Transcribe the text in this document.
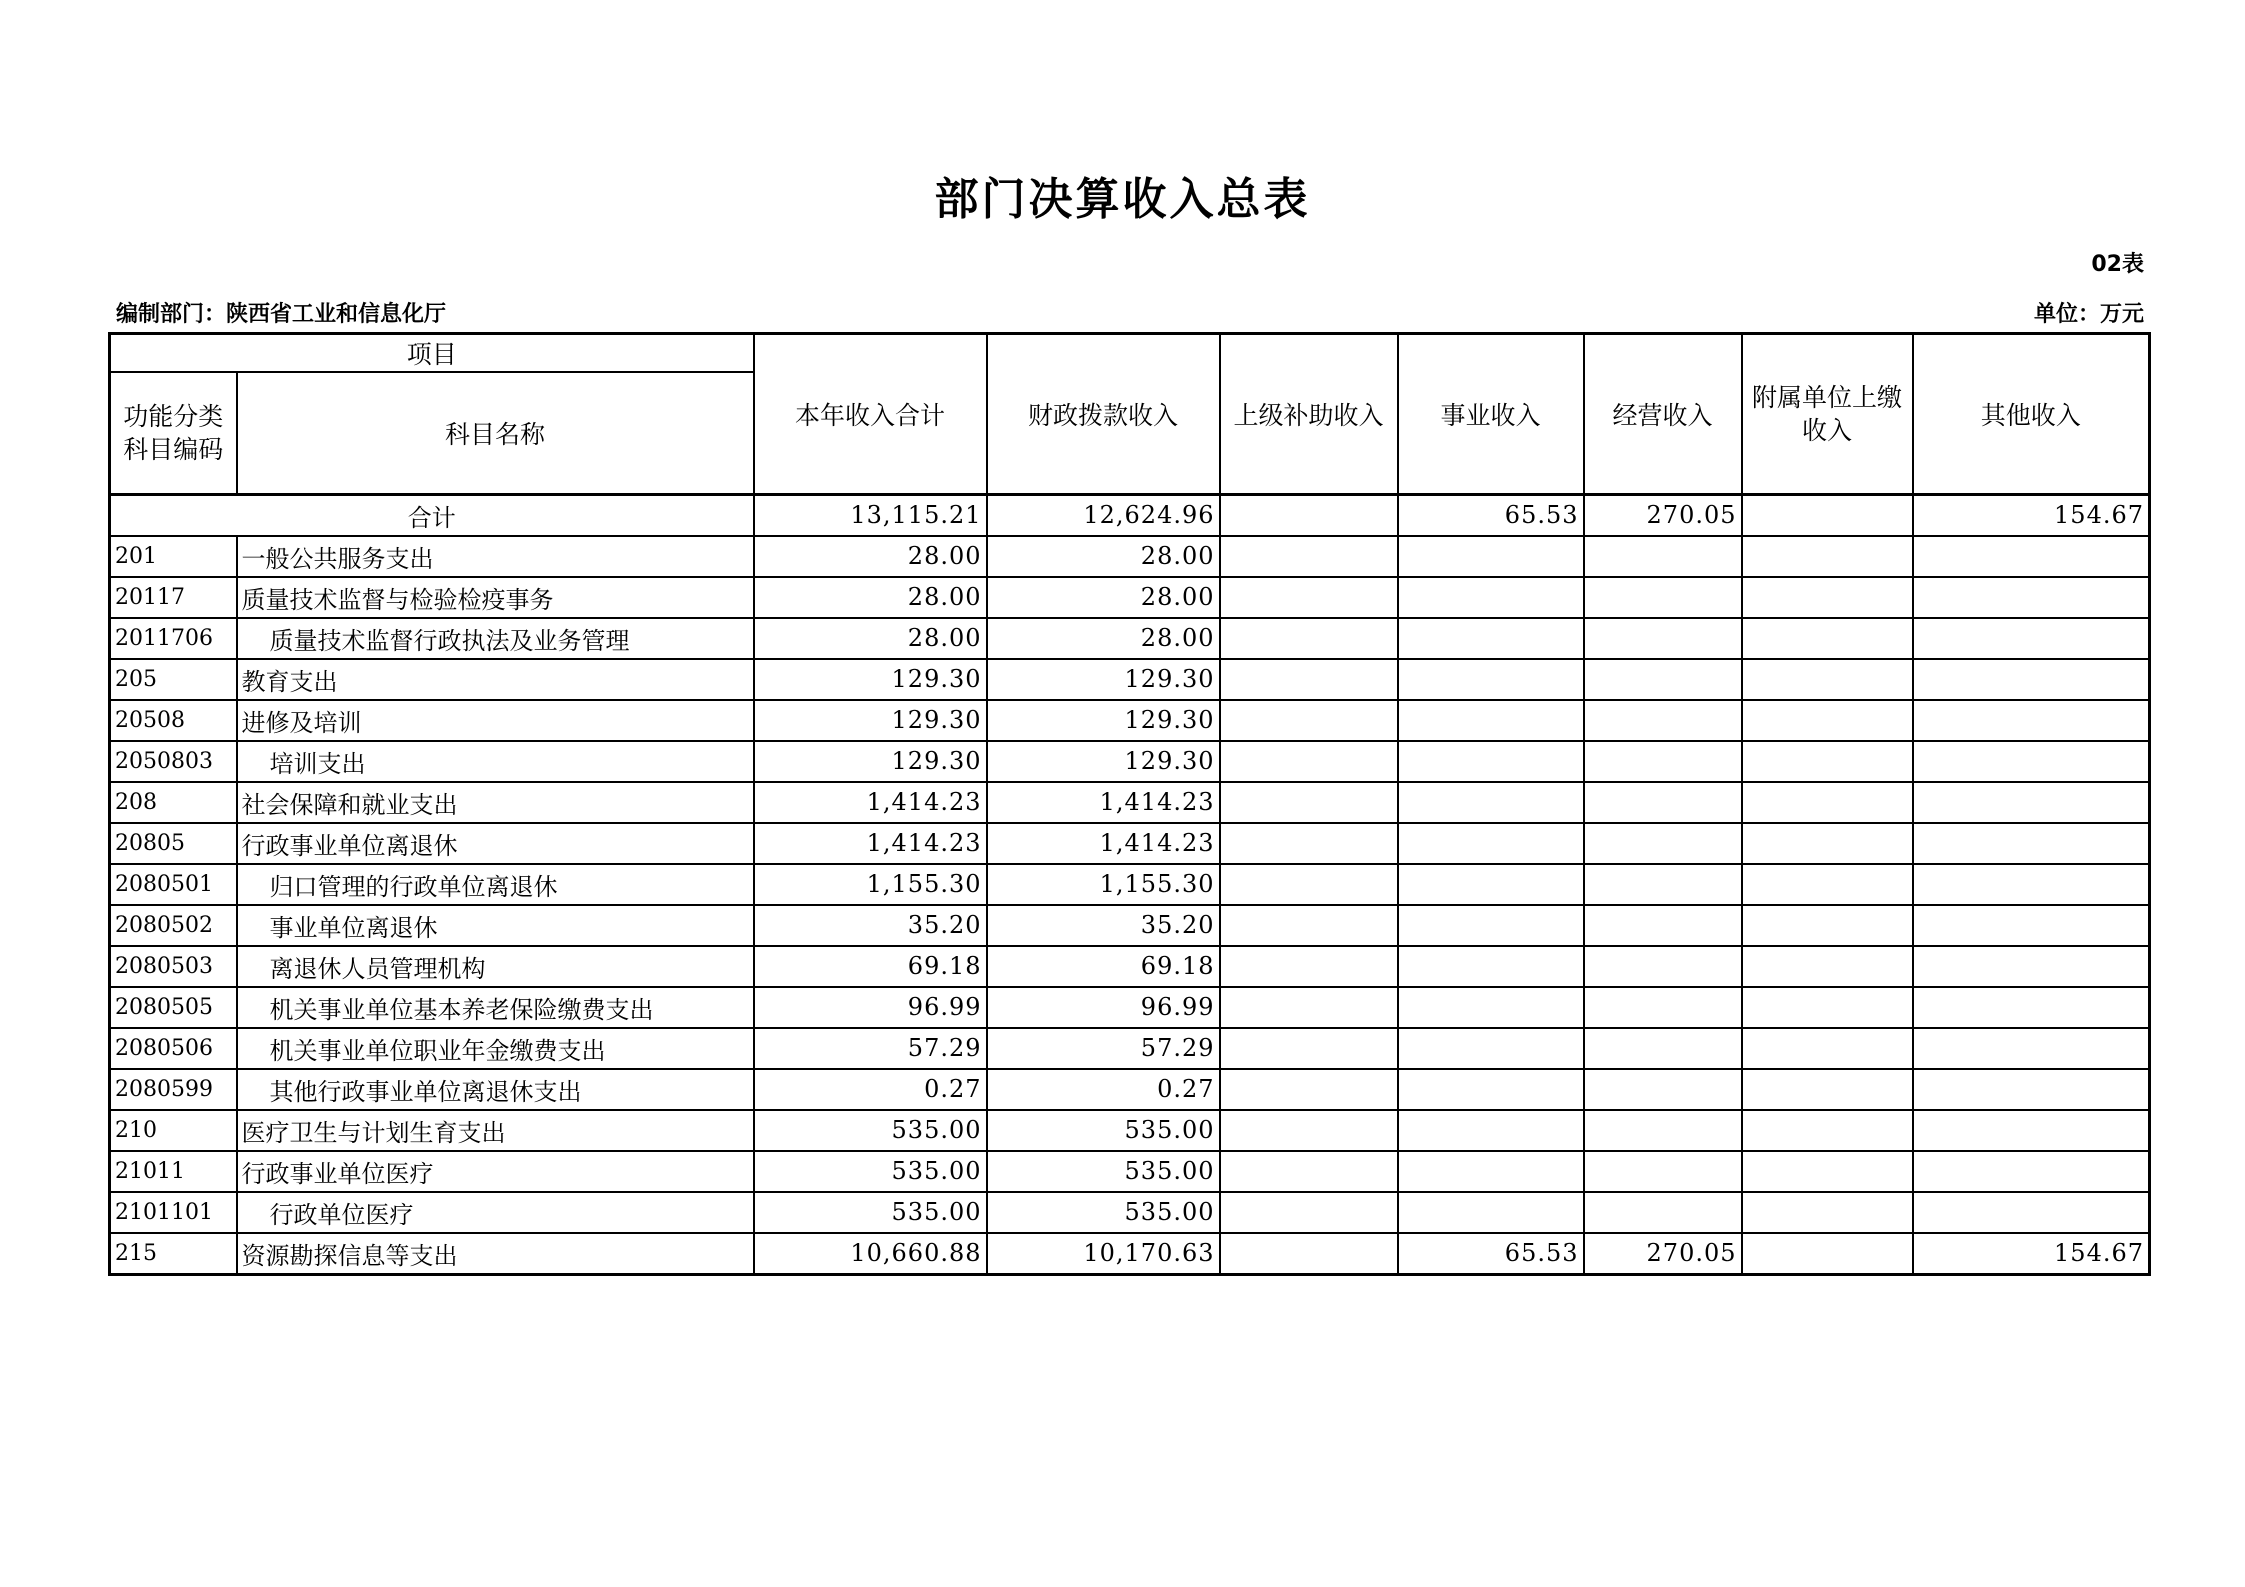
部门决算收入总表
02表
编制部门：陕西省工业和信息化厅	单位：万元
项目		本年收入合计	财政拨款收入	上级补助收入	事业收入	经营收入	附属单位上缴收入	其他收入
功能分类科目编码	科目名称							
合计		13,115.21	12,624.96		65.53	270.05		154.67
201	一般公共服务支出	28.00	28.00					
20117	质量技术监督与检验检疫事务	28.00	28.00					
2011706	质量技术监督行政执法及业务管理	28.00	28.00					
205	教育支出	129.30	129.30					
20508	进修及培训	129.30	129.30					
2050803	培训支出	129.30	129.30					
208	社会保障和就业支出	1,414.23	1,414.23					
20805	行政事业单位离退休	1,414.23	1,414.23					
2080501	归口管理的行政单位离退休	1,155.30	1,155.30					
2080502	事业单位离退休	35.20	35.20					
2080503	离退休人员管理机构	69.18	69.18					
2080505	机关事业单位基本养老保险缴费支出	96.99	96.99					
2080506	机关事业单位职业年金缴费支出	57.29	57.29					
2080599	其他行政事业单位离退休支出	0.27	0.27					
210	医疗卫生与计划生育支出	535.00	535.00					
21011	行政事业单位医疗	535.00	535.00					
2101101	行政单位医疗	535.00	535.00					
215	资源勘探信息等支出	10,660.88	10,170.63		65.53	270.05		154.67
